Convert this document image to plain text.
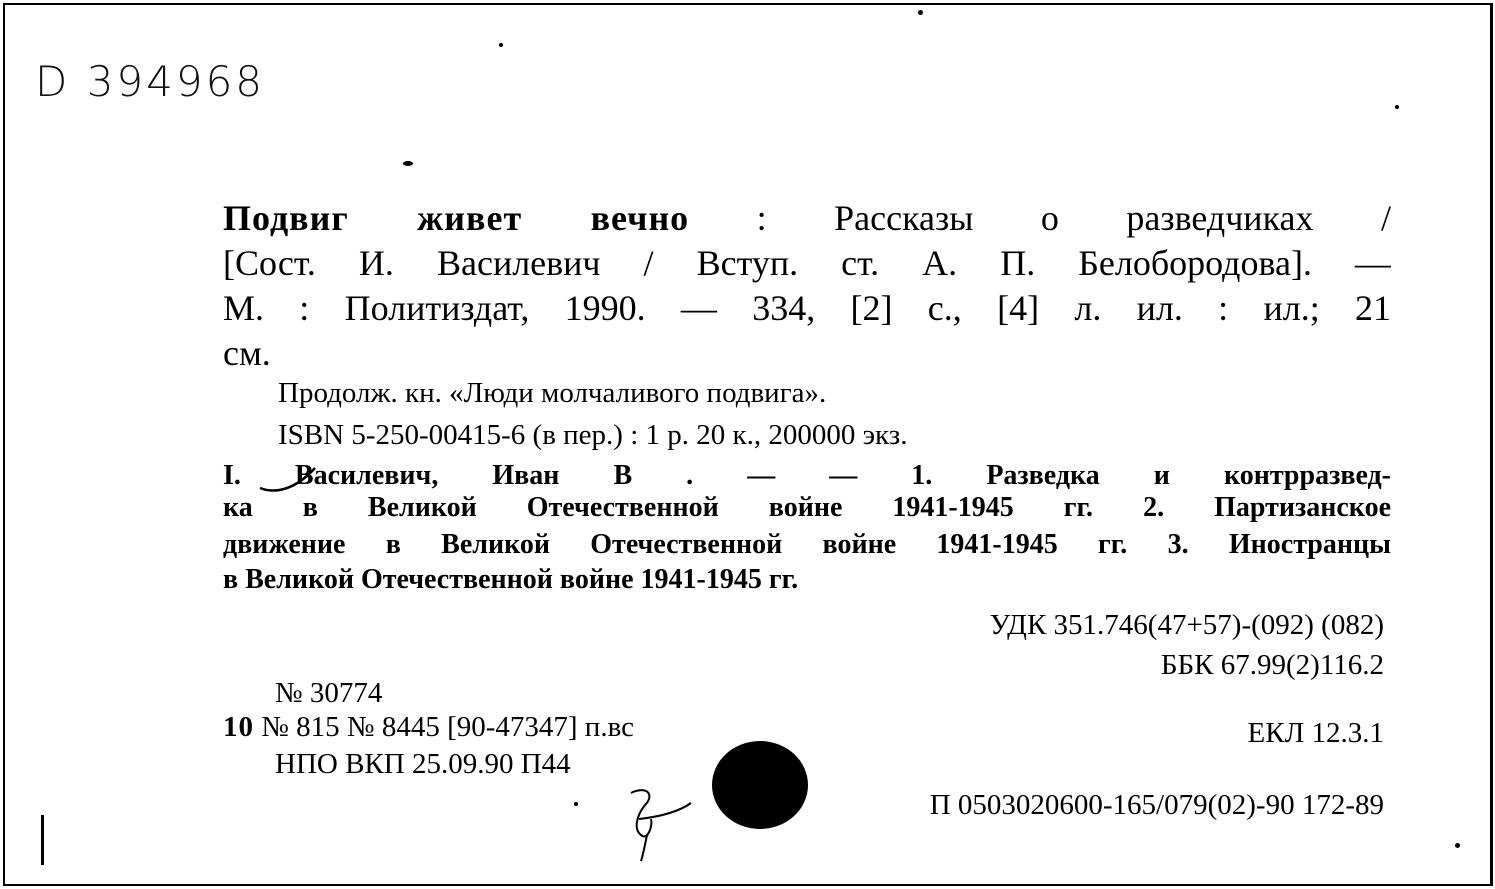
D 394968
Подвиг живет вечно : Рассказы о разведчиках /
[Сост. И. Василевич / Вступ. ст. А. П. Белобородова]. —
М. : Политиздат, 1990. — 334, [2] с., [4] л. ил. : ил.; 21
см.
Продолж. кн. «Люди молчаливого подвига».
ISBN 5-250-00415-6 (в пер.) : 1 р. 20 к., 200000 экз.
I. Василевич, Иван В . — — 1. Разведка и контрразвед-
ка в Великой Отечественной войне 1941-1945 гг. 2. Партизанское
движение в Великой Отечественной войне 1941-1945 гг. 3. Иностранцы
в Великой Отечественной войне 1941-1945 гг.
УДК 351.746(47+57)-(092) (082)
ББК 67.99(2)116.2
№ 30774
10 № 815 № 8445 [90-47347] п.вс	ЕКЛ 12.3.1
НПО ВКП 25.09.90 П44
П 0503020600-165/079(02)-90 172-89
